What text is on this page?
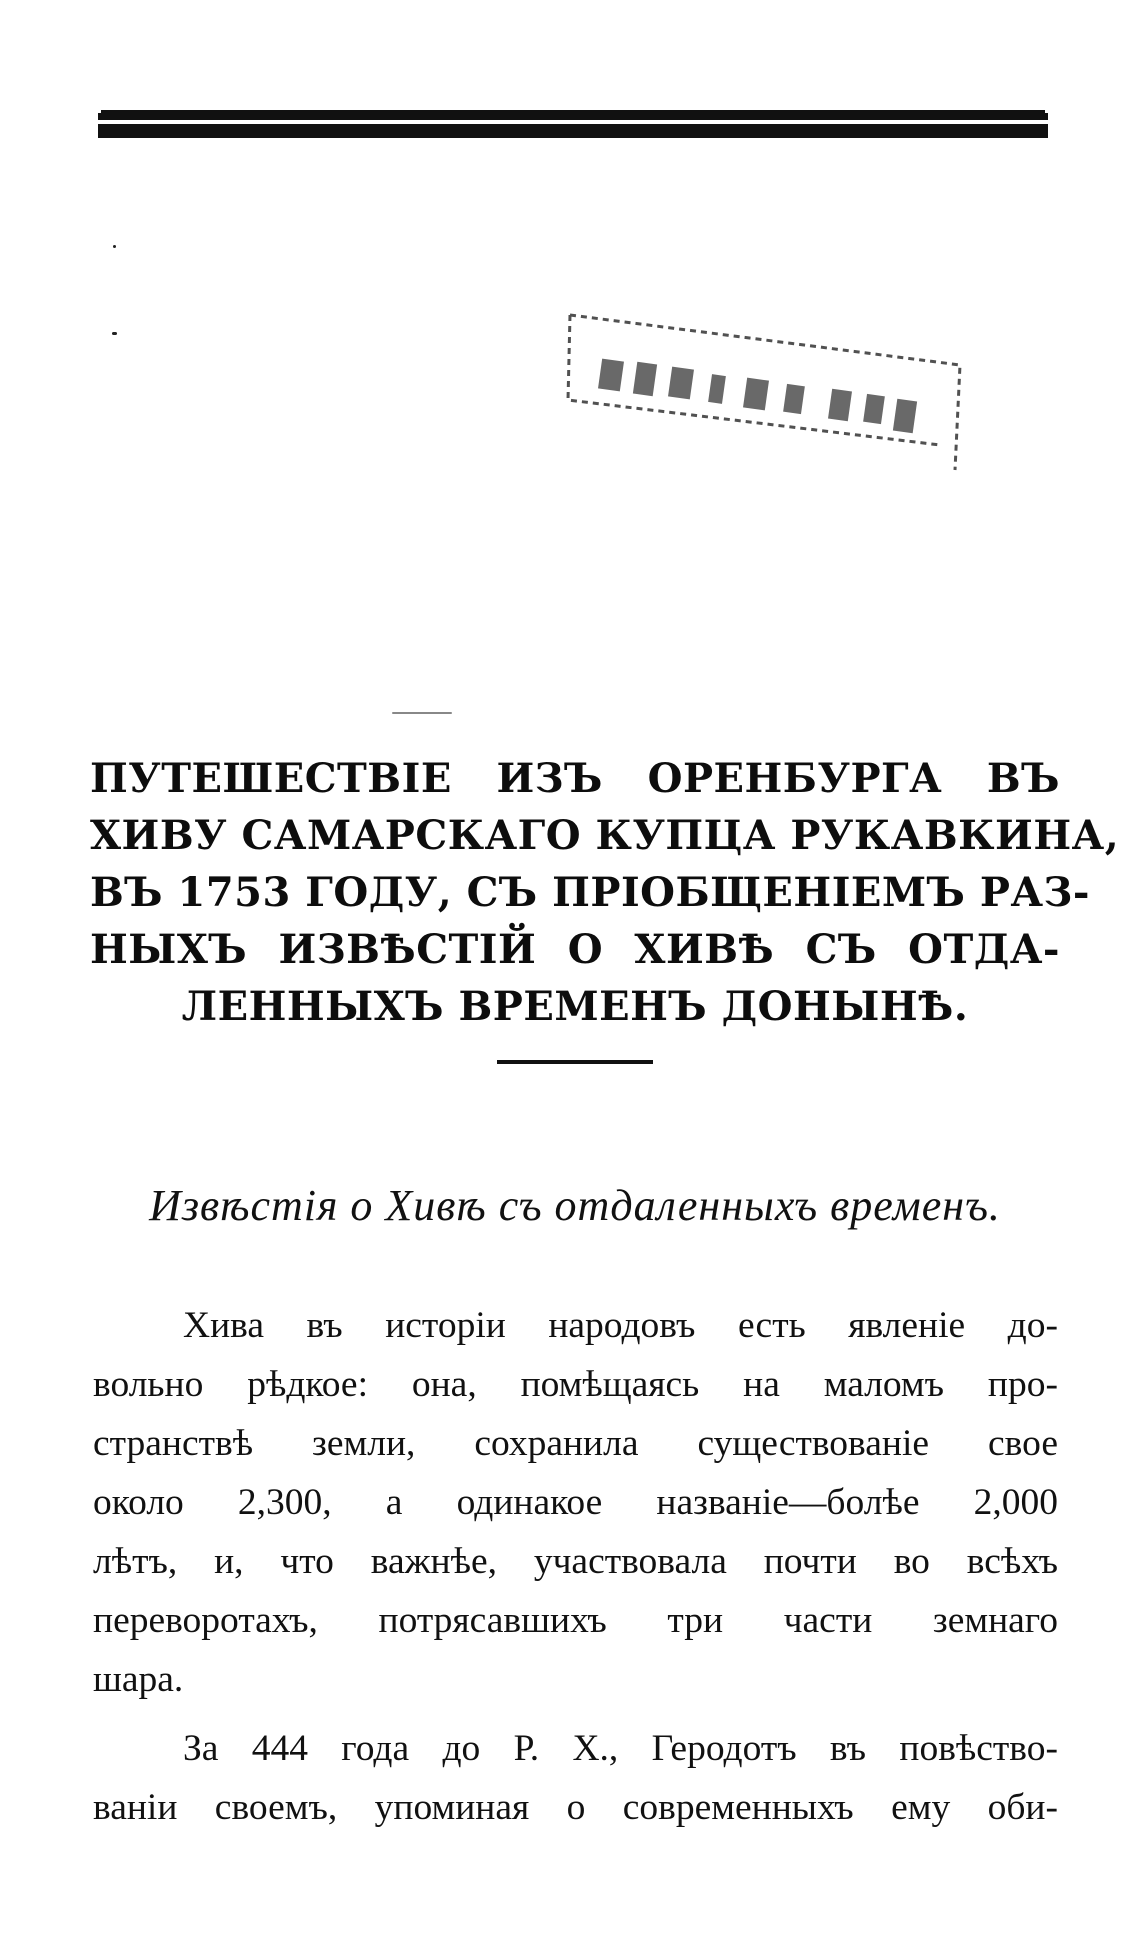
ПУТЕШЕСТВІЕ ИЗЪ ОРЕНБУРГА ВЪ
ХИВУ САМАРСКАГО КУПЦА РУКАВКИНА,
ВЪ 1753 ГОДУ, СЪ ПРІОБЩЕНІЕМЪ РАЗ-
НЫХЪ ИЗВѢСТІЙ О ХИВѢ СЪ ОТДА-
ЛЕННЫХЪ ВРЕМЕНЪ ДОНЫНѢ.
Извѣстія о Хивѣ съ отдаленныхъ временъ.
Хива въ исторіи народовъ есть явленіе до-
вольно рѣдкое: она, помѣщаясь на маломъ про-
странствѣ земли, сохранила существованіе свое
около 2,300, а одинакое названіе—болѣе 2,000
лѣтъ, и, что важнѣе, участвовала почти во всѣхъ
переворотахъ, потрясавшихъ три части земнаго
шара.
За 444 года до Р. Х., Геродотъ въ повѣство-
ваніи своемъ, упоминая о современныхъ ему оби-
